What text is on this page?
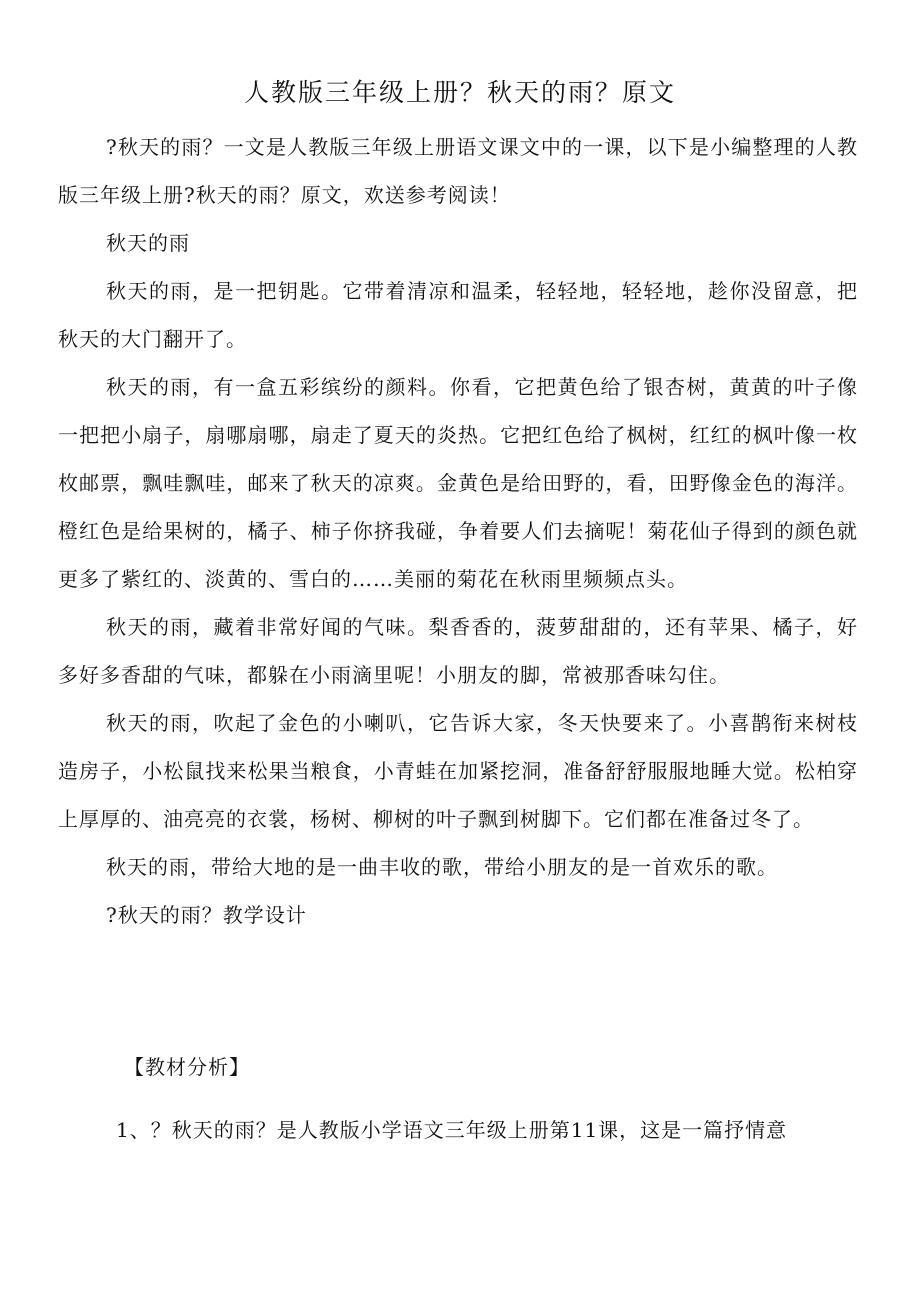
人教版三年级上册？秋天的雨？原文

?秋天的雨？一文是人教版三年级上册语文课文中的一课，以下是小编整理的人教版三年级上册?秋天的雨？原文，欢送参考阅读！

秋天的雨

秋天的雨，是一把钥匙。它带着清凉和温柔，轻轻地，轻轻地，趁你没留意，把秋天的大门翻开了。

秋天的雨，有一盒五彩缤纷的颜料。你看，它把黄色给了银杏树，黄黄的叶子像一把把小扇子，扇哪扇哪，扇走了夏天的炎热。它把红色给了枫树，红红的枫叶像一枚枚邮票，飘哇飘哇，邮来了秋天的凉爽。金黄色是给田野的，看，田野像金色的海洋。橙红色是给果树的，橘子、柿子你挤我碰，争着要人们去摘呢！菊花仙子得到的颜色就更多了紫红的、淡黄的、雪白的……美丽的菊花在秋雨里频频点头。

秋天的雨，藏着非常好闻的气味。梨香香的，菠萝甜甜的，还有苹果、橘子，好多好多香甜的气味，都躲在小雨滴里呢！小朋友的脚，常被那香味勾住。

秋天的雨，吹起了金色的小喇叭，它告诉大家，冬天快要来了。小喜鹊衔来树枝造房子，小松鼠找来松果当粮食，小青蛙在加紧挖洞，准备舒舒服服地睡大觉。松柏穿上厚厚的、油亮亮的衣裳，杨树、柳树的叶子飘到树脚下。它们都在准备过冬了。

秋天的雨，带给大地的是一曲丰收的歌，带给小朋友的是一首欢乐的歌。

?秋天的雨？教学设计

【教材分析】

1、？秋天的雨？是人教版小学语文三年级上册第11课，这是一篇抒情意
